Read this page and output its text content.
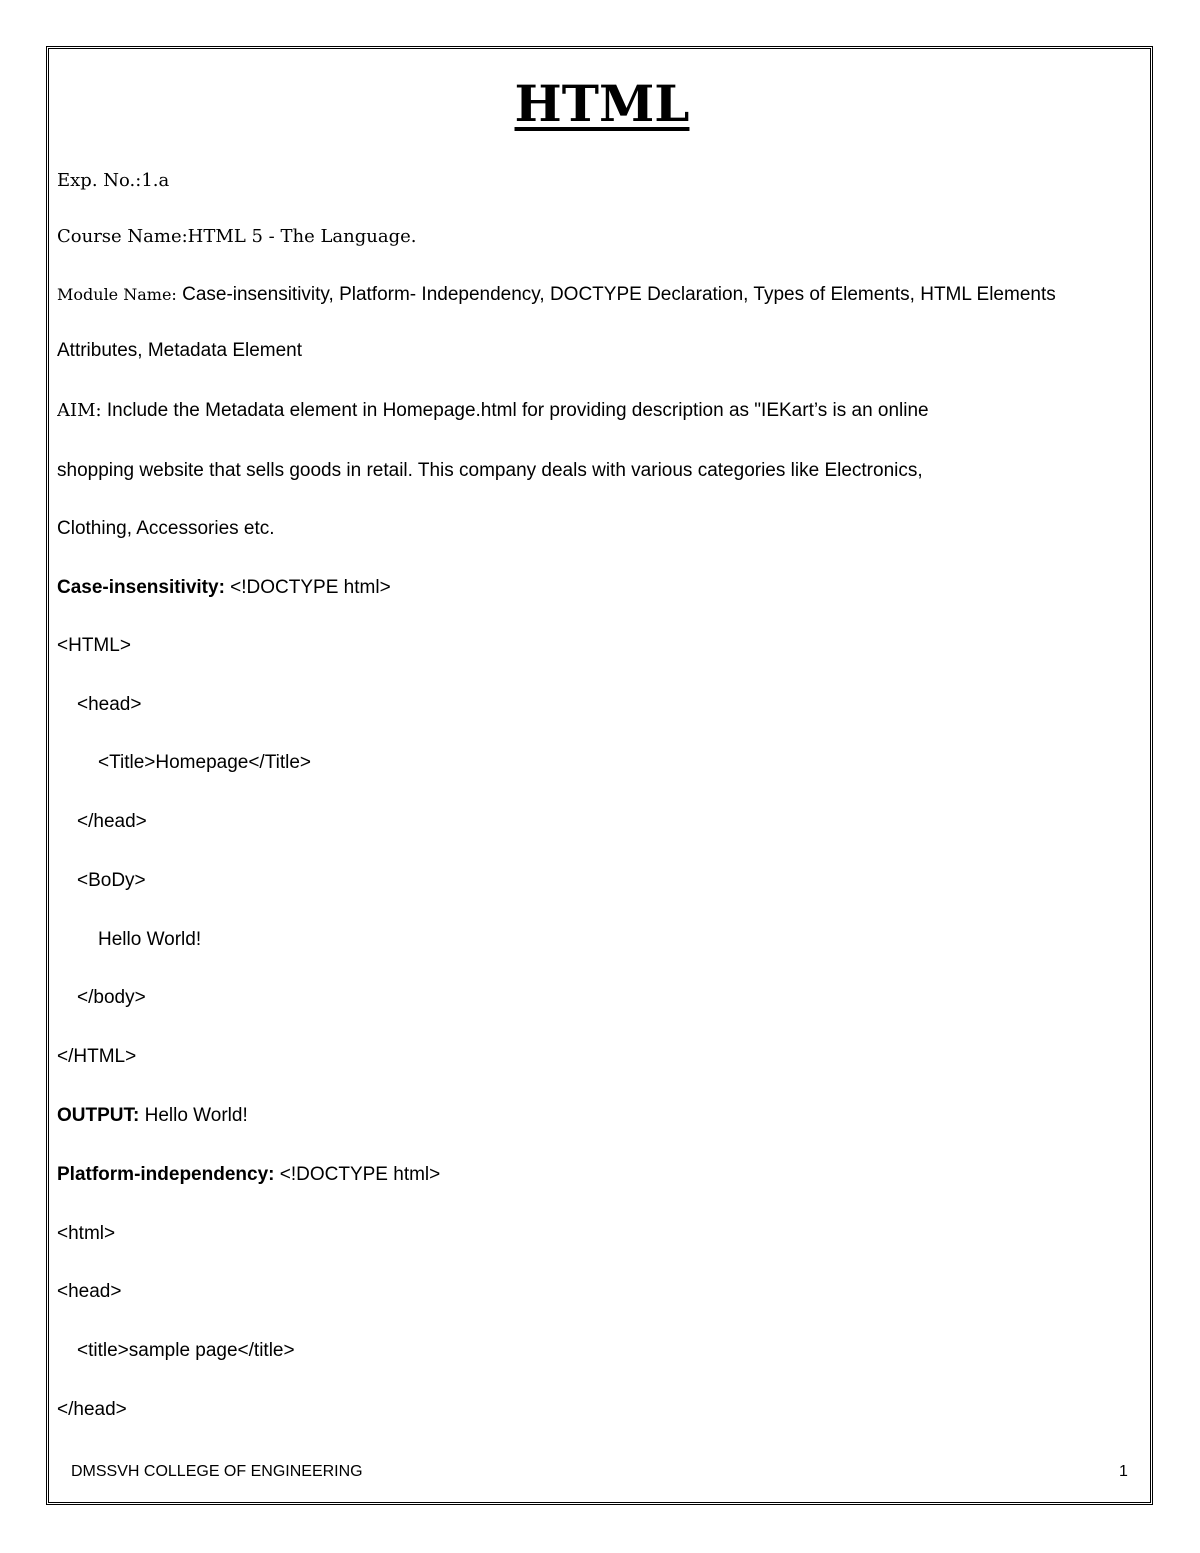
HTML
Exp. No.:1.a
Course Name:HTML 5 - The Language.
Module Name: Case-insensitivity, Platform- Independency, DOCTYPE Declaration, Types of Elements, HTML Elements
Attributes, Metadata Element
AIM: Include the Metadata element in Homepage.html for providing description as "IEKart’s is an online
shopping website that sells goods in retail. This company deals with various categories like Electronics,
Clothing, Accessories etc.
Case-insensitivity: <!DOCTYPE html>
<HTML>
<head>
<Title>Homepage</Title>
</head>
<BoDy>
Hello World!
</body>
</HTML>
OUTPUT: Hello World!
Platform-independency: <!DOCTYPE html>
<html>
<head>
<title>sample page</title>
</head>
DMSSVH COLLEGE OF ENGINEERING	1
